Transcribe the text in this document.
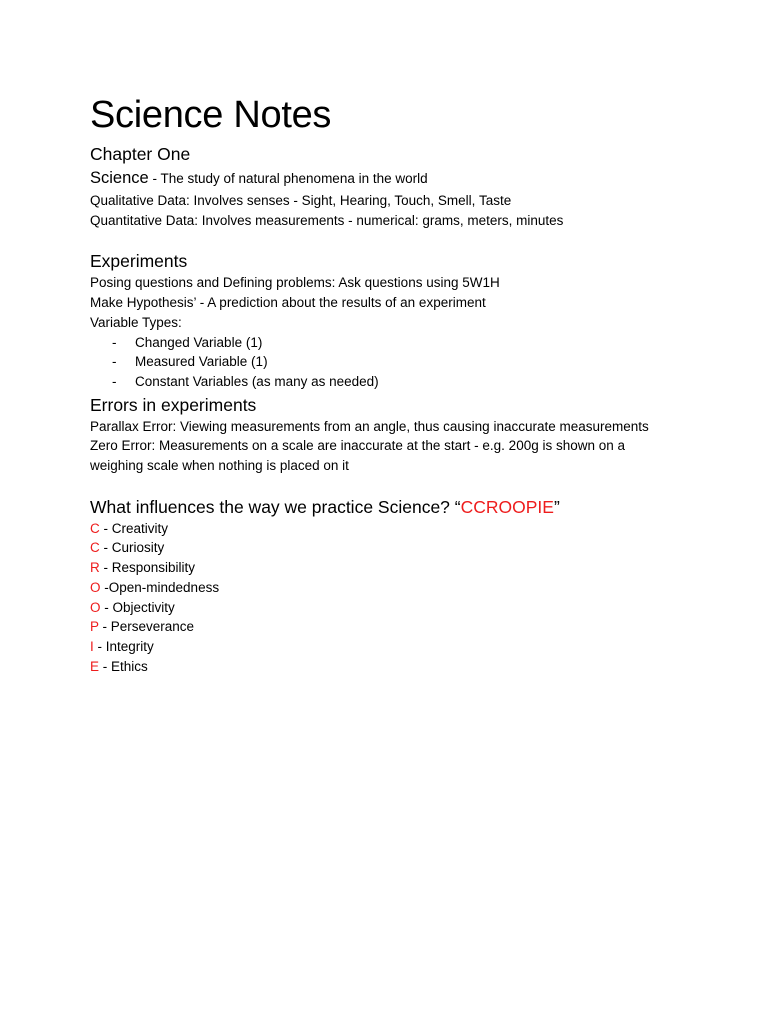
Science Notes
Chapter One

Science - The study of natural phenomena in the world

Qualitative Data: Involves senses - Sight, Hearing, Touch, Smell, Taste

Quantitative Data: Involves measurements - numerical: grams, meters, minutes

Experiments

Posing questions and Defining problems: Ask questions using 5W1H

Make Hypothesis’ - A prediction about the results of an experiment

Variable Types:

- Changed Variable (1)
- Measured Variable (1)
- Constant Variables (as many as needed)
Errors in experiments

Parallax Error: Viewing measurements from an angle, thus causing inaccurate measurements

Zero Error: Measurements on a scale are inaccurate at the start - e.g. 200g is shown on a weighing scale when nothing is placed on it

What influences the way we practice Science? “CCROOPIE”

C - Creativity

C - Curiosity

R - Responsibility

O -Open-mindedness

O - Objectivity

P - Perseverance

I - Integrity

E - Ethics
